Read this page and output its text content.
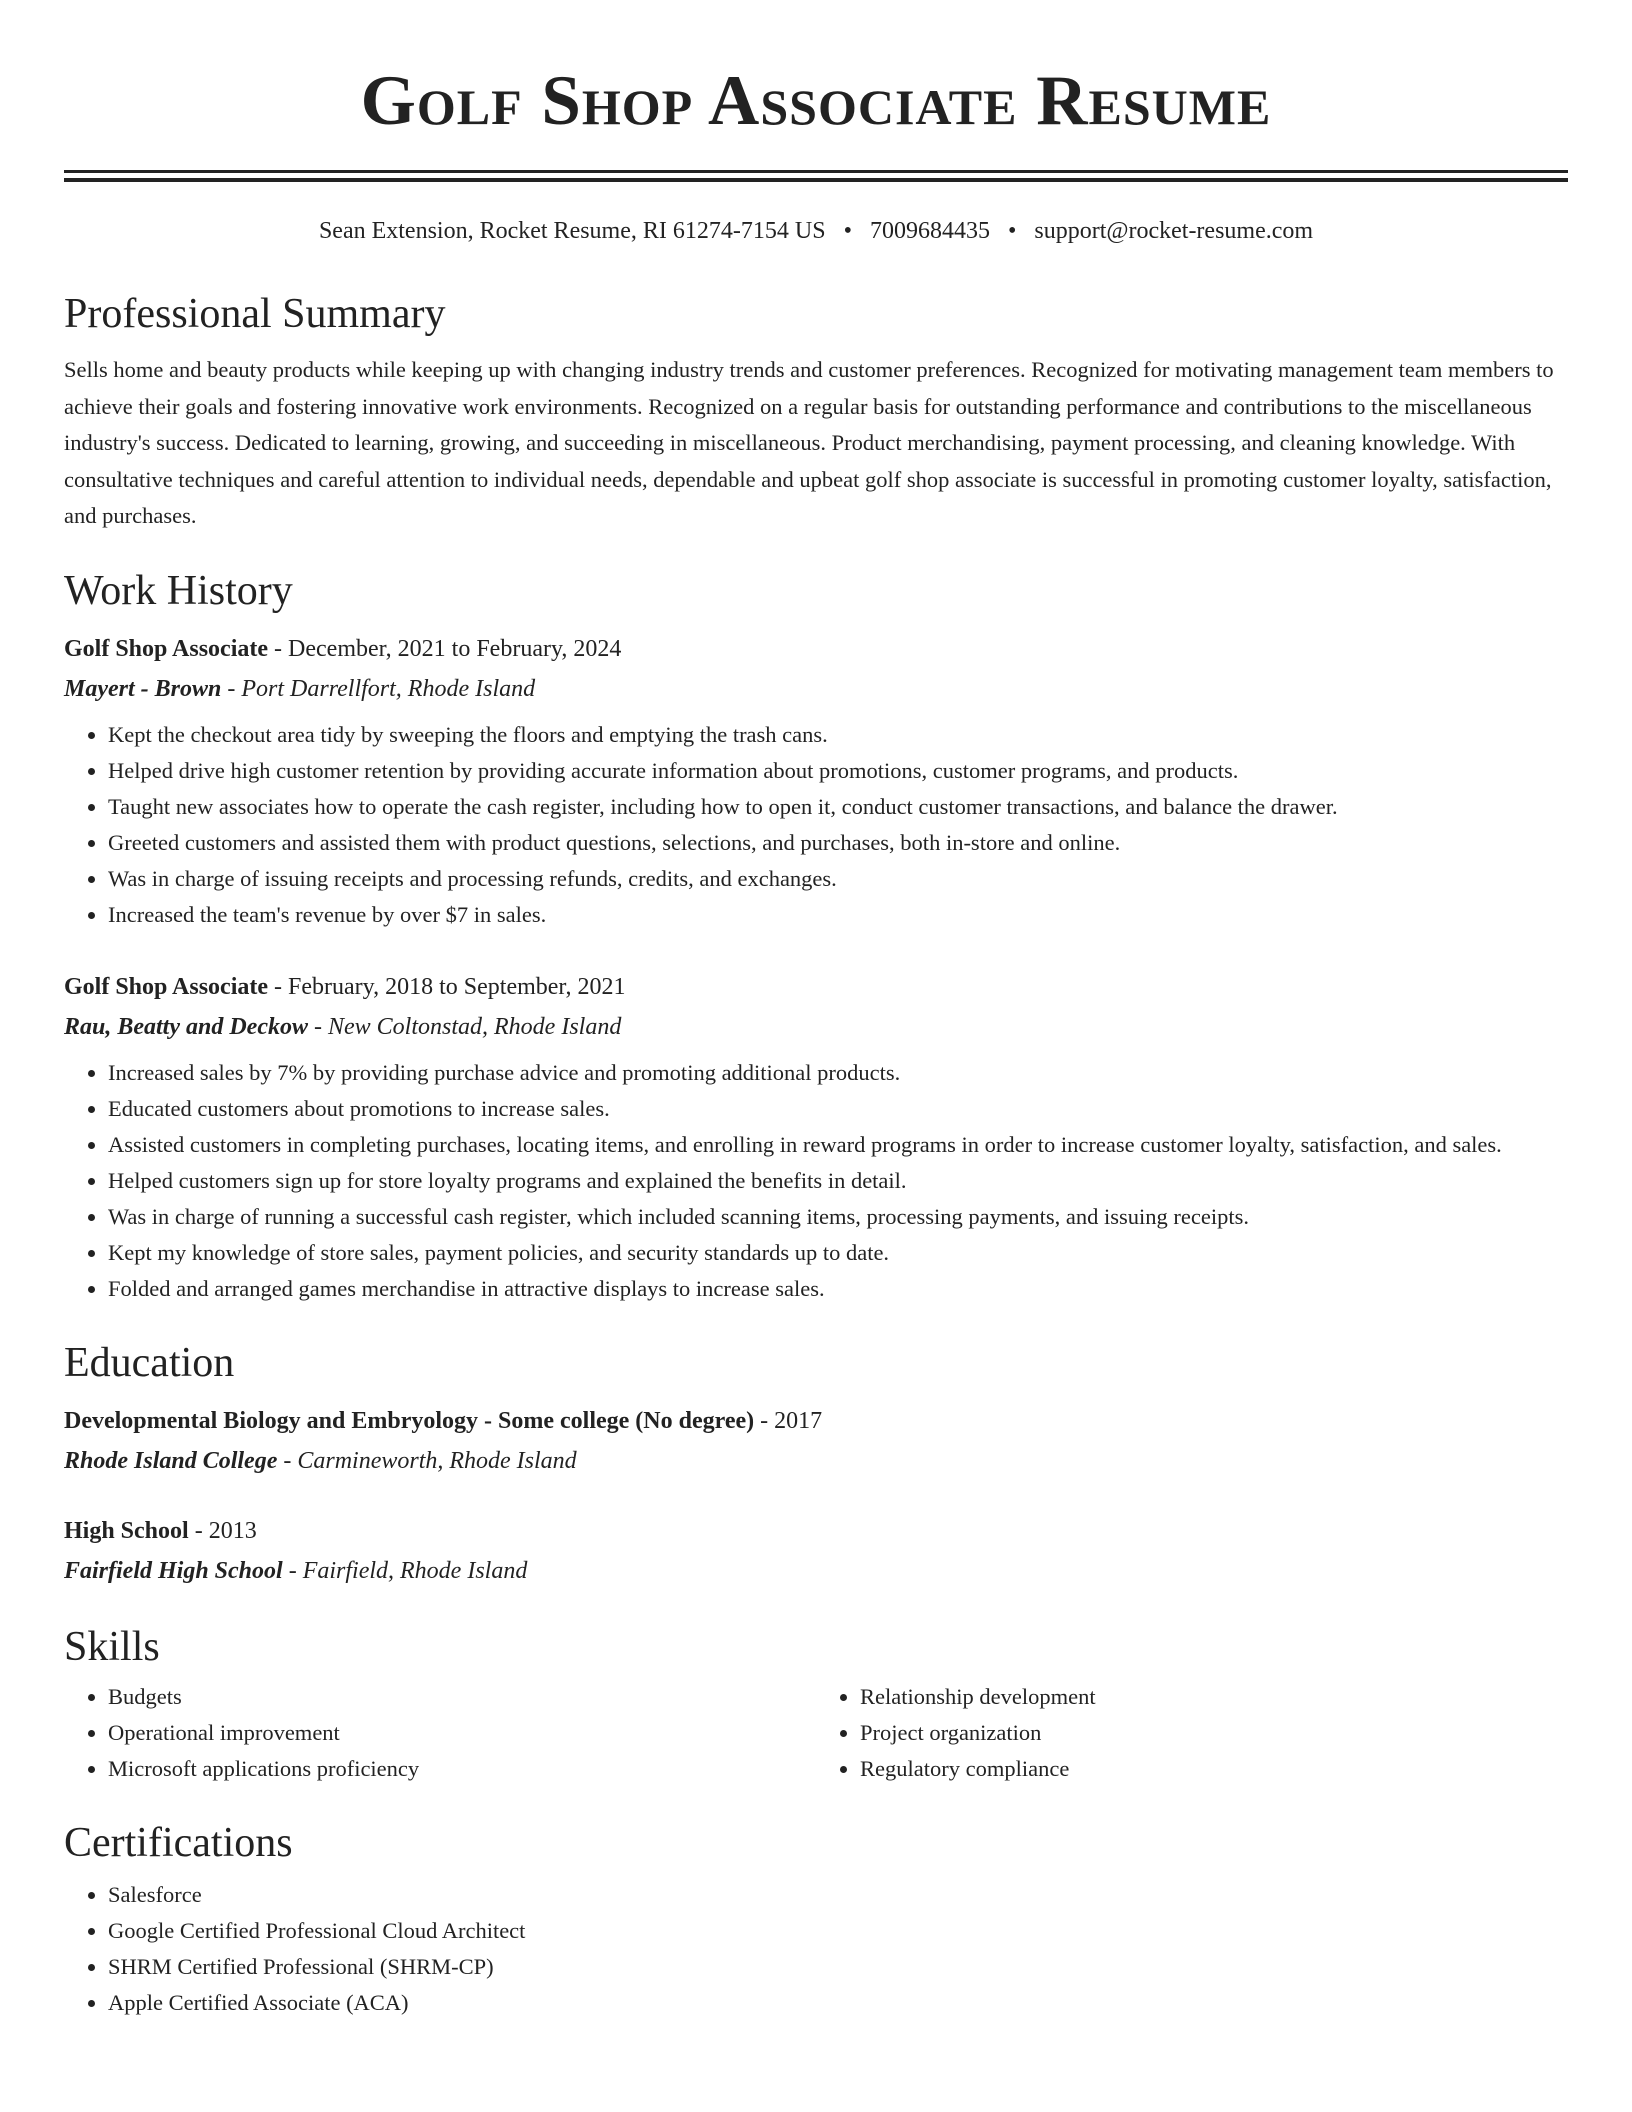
Golf Shop Associate Resume
Sean Extension, Rocket Resume, RI 61274-7154 US • 7009684435 • support@rocket-resume.com
Professional Summary
Sells home and beauty products while keeping up with changing industry trends and customer preferences. Recognized for motivating management team members to achieve their goals and fostering innovative work environments. Recognized on a regular basis for outstanding performance and contributions to the miscellaneous industry's success. Dedicated to learning, growing, and succeeding in miscellaneous. Product merchandising, payment processing, and cleaning knowledge. With consultative techniques and careful attention to individual needs, dependable and upbeat golf shop associate is successful in promoting customer loyalty, satisfaction, and purchases.
Work History
Golf Shop Associate - December, 2021 to February, 2024
Mayert - Brown - Port Darrellfort, Rhode Island
• Kept the checkout area tidy by sweeping the floors and emptying the trash cans.
• Helped drive high customer retention by providing accurate information about promotions, customer programs, and products.
• Taught new associates how to operate the cash register, including how to open it, conduct customer transactions, and balance the drawer.
• Greeted customers and assisted them with product questions, selections, and purchases, both in-store and online.
• Was in charge of issuing receipts and processing refunds, credits, and exchanges.
• Increased the team's revenue by over $7 in sales.
Golf Shop Associate - February, 2018 to September, 2021
Rau, Beatty and Deckow - New Coltonstad, Rhode Island
• Increased sales by 7% by providing purchase advice and promoting additional products.
• Educated customers about promotions to increase sales.
• Assisted customers in completing purchases, locating items, and enrolling in reward programs in order to increase customer loyalty, satisfaction, and sales.
• Helped customers sign up for store loyalty programs and explained the benefits in detail.
• Was in charge of running a successful cash register, which included scanning items, processing payments, and issuing receipts.
• Kept my knowledge of store sales, payment policies, and security standards up to date.
• Folded and arranged games merchandise in attractive displays to increase sales.
Education
Developmental Biology and Embryology - Some college (No degree) - 2017
Rhode Island College - Carmineworth, Rhode Island
High School - 2013
Fairfield High School - Fairfield, Rhode Island
Skills
• Budgets
• Operational improvement
• Microsoft applications proficiency
• Relationship development
• Project organization
• Regulatory compliance
Certifications
• Salesforce
• Google Certified Professional Cloud Architect
• SHRM Certified Professional (SHRM-CP)
• Apple Certified Associate (ACA)
